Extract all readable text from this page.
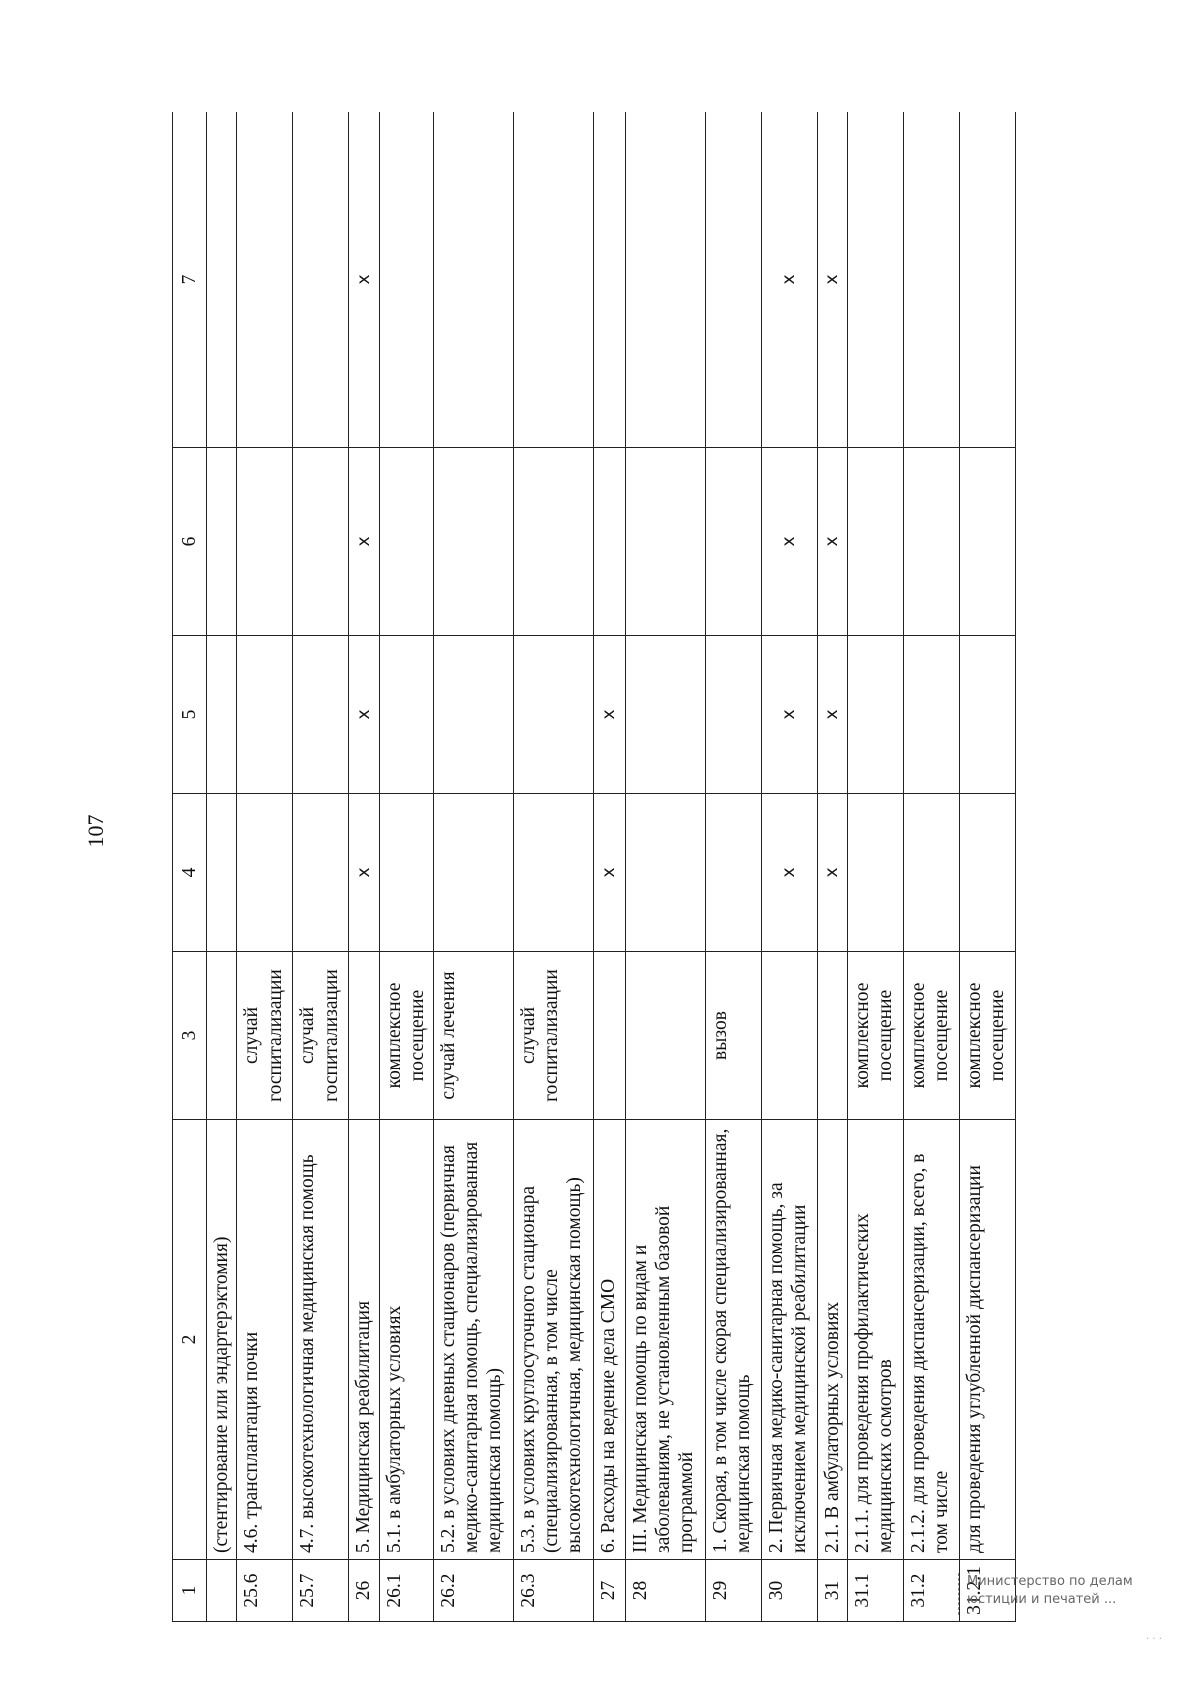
107
1	2	3	4	5	6	7
	(стентирование или эндартерэктомия)					
25.6	4.6. трансплантация почки	случай госпитализации				
25.7	4.7. высокотехнологичная медицинская помощь	случай госпитализации				
26	5. Медицинская реабилитация		x	x	x	x
26.1	5.1. в амбулаторных условиях	комплексное посещение				
26.2	5.2. в условиях дневных стационаров (первичная медико-санитарная помощь, специализированная медицинская помощь)	случай лечения				
26.3	5.3. в условиях круглосуточного стационара (специализированная, в том числе высокотехнологичная, медицинская помощь)	случай госпитализации				
27	6. Расходы на ведение дела СМО		x	x		
28	III. Медицинская помощь по видам и заболеваниям, не установленным базовой программой					
29	1. Скорая, в том числе скорая специализированная, медицинская помощь	вызов				
30	2. Первичная медико-санитарная помощь, за исключением медицинской реабилитации		x	x	x	x
31	2.1. В амбулаторных условиях		x	x	x	x
31.1	2.1.1. для проведения профилактических медицинских осмотров	комплексное посещение				
31.2	2.1.2. для проведения диспансеризации, всего, в том числе	комплексное посещение				
31.2.1	для проведения углубленной диспансеризации	комплексное посещение				
Министерство по делам
юстиции и печатей ...
. . .
